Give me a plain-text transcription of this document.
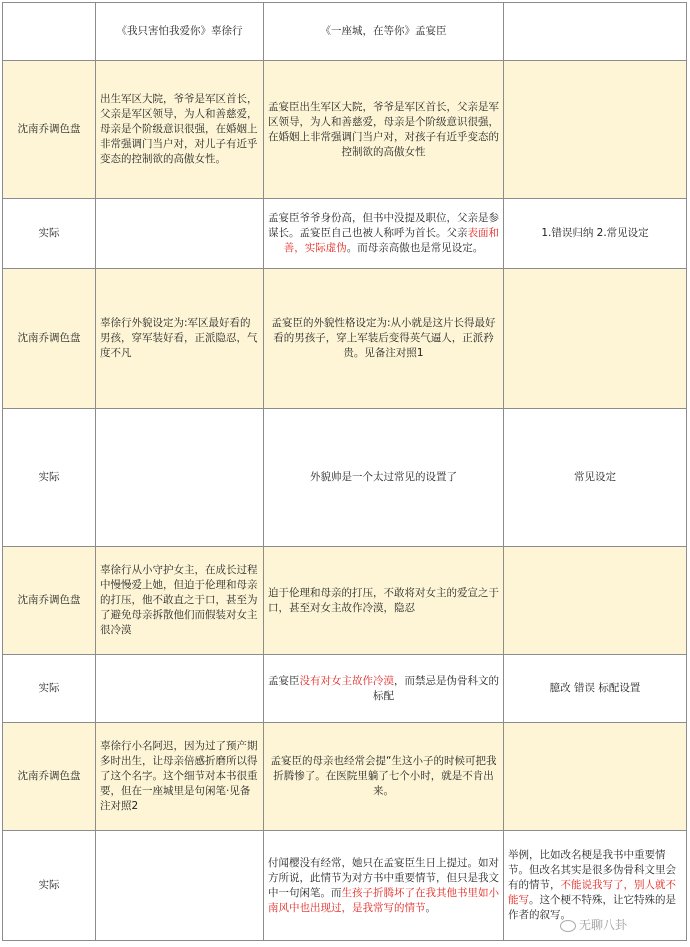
	《我只害怕我爱你》辜徐行	《一座城，在等你》孟宴臣	
沈南乔调色盘	出生军区大院，爷爷是军区首长，父亲是军区领导，为人和善慈爱，母亲是个阶级意识很强，在婚姻上非常强调门当户对，对儿子有近乎变态的控制欲的高傲女性。	孟宴臣出生军区大院，爷爷是军区首长，父亲是军区领导，为人和善慈爱，母亲是个阶级意识很强，在婚姻上非常强调门当户对，对孩子有近乎变态的控制欲的高傲女性	
实际		孟宴臣爷爷身份高，但书中没提及职位，父亲是参谋长。孟宴臣自己也被人称呼为首长。父亲表面和善，实际虚伪。而母亲高傲也是常见设定。	1.错误归纳 2.常见设定
沈南乔调色盘	辜徐行外貌设定为:军区最好看的男孩，穿军装好看，正派隐忍，气度不凡	孟宴臣的外貌性格设定为:从小就是这片长得最好看的男孩子，穿上军装后变得英气逼人，正派矜贵。见备注对照1	
实际		外貌帅是一个太过常见的设置了	常见设定
沈南乔调色盘	辜徐行从小守护女主，在成长过程中慢慢爱上她，但迫于伦理和母亲的打压，他不敢直之于口，甚至为了避免母亲拆散他们而假装对女主很冷漠	迫于伦理和母亲的打压，不敢将对女主的爱宣之于口，甚至对女主故作冷漠，隐忍	
实际		孟宴臣没有对女主故作冷漠，而禁忌是伪骨科文的标配	臆改 错误 标配设置
沈南乔调色盘	辜徐行小名阿迟，因为过了预产期多时出生，让母亲倍感折磨所以得了这个名字。这个细节对本书很重要，但在一座城里是句闲笔·见备注对照2	孟宴臣的母亲也经常会提“生这小子的时候可把我折腾惨了。在医院里躺了七个小时，就是不肯出来。	
实际		付闻樱没有经常，她只在孟宴臣生日上提过。如对方所说，此情节为对方书中重要情节，但只是我文中一句闲笔。而生孩子折腾坏了在我其他书里如小南风中也出现过，是我常写的情节。	举例，比如改名梗是我书中重要情节。但改名其实是很多伪骨科文里会有的情节，不能说我写了，别人就不能写。这个梗不特殊，让它特殊的是作者的叙写。
无聊八卦
